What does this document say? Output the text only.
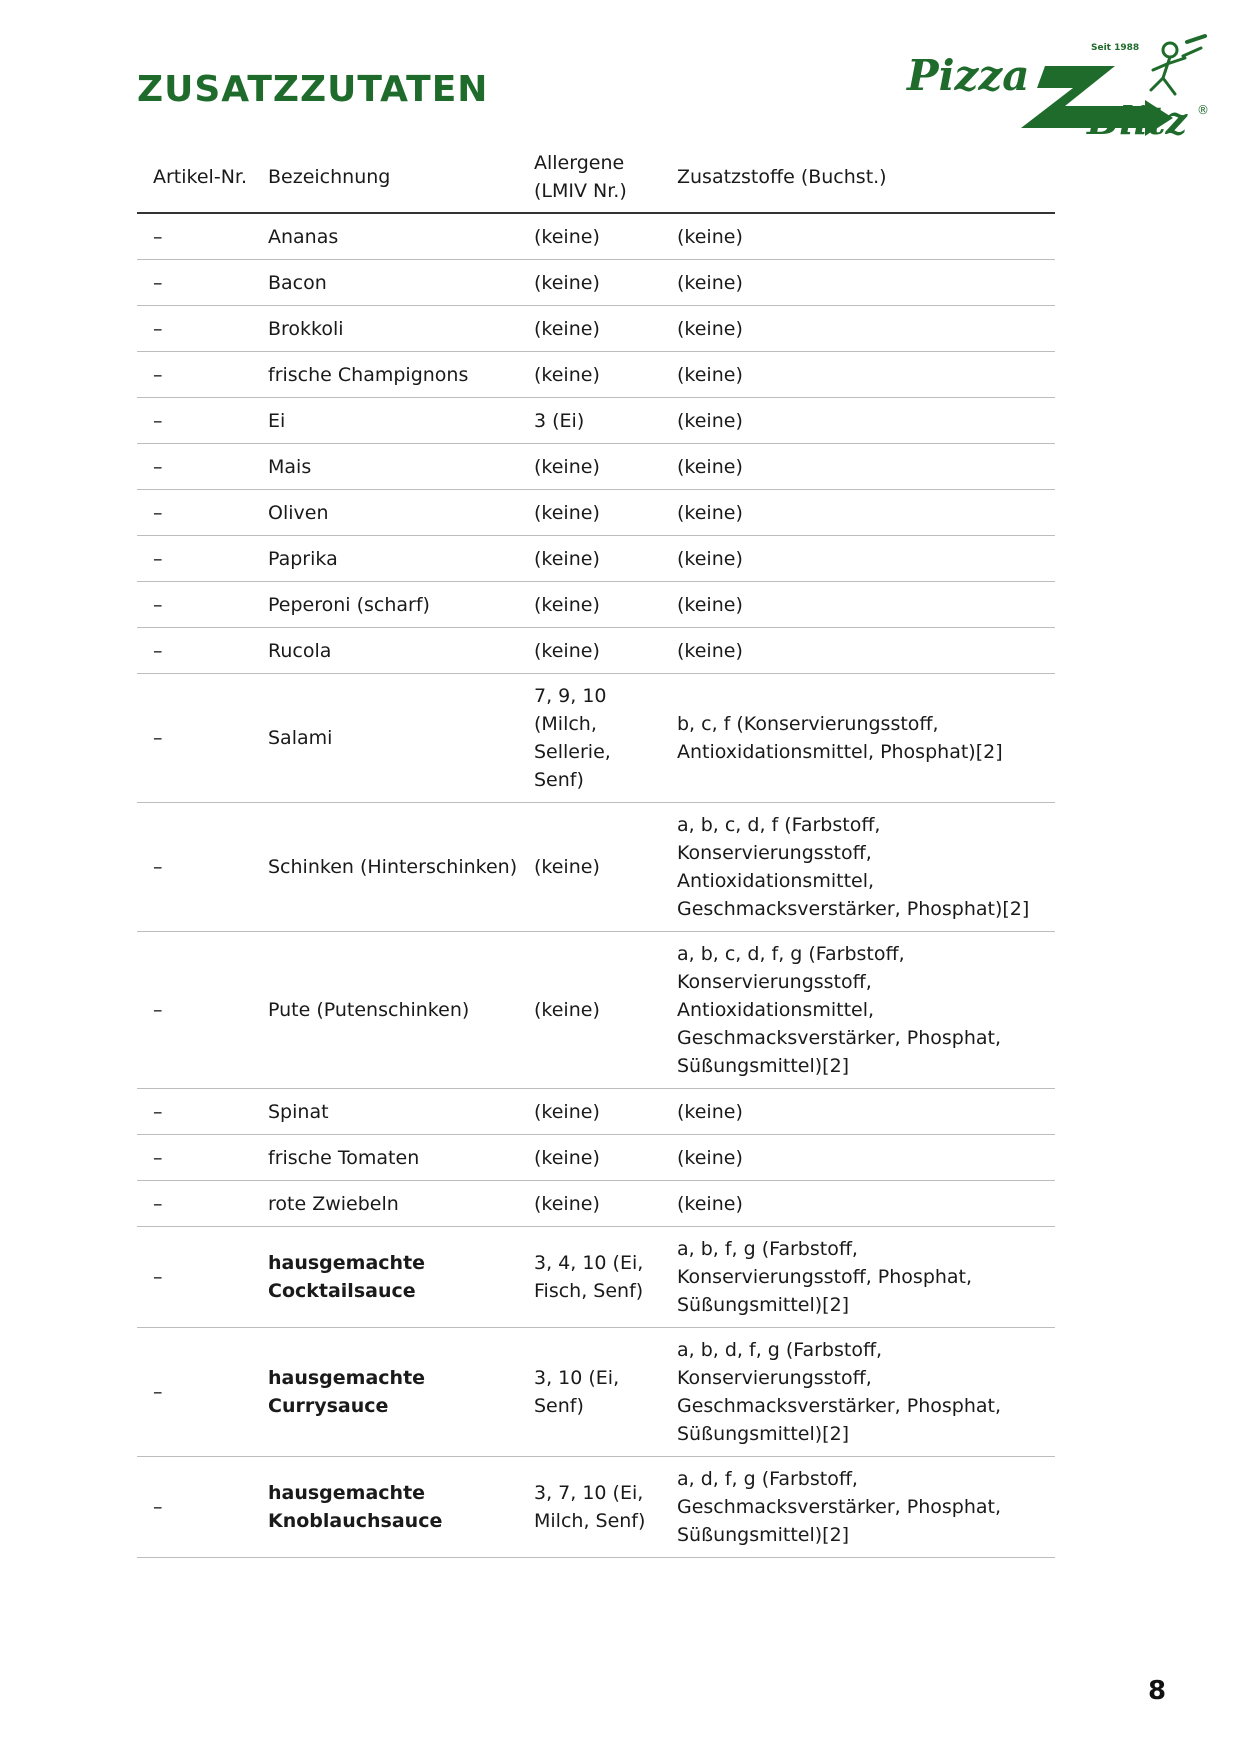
ZUSATZZUTATEN	Pizza
Blitz ®
Seit 1988
Artikel-Nr.	Bezeichnung	Allergene (LMIV Nr.)	Zusatzstoffe (Buchst.)
–	Ananas	(keine)	(keine)
–	Bacon	(keine)	(keine)
–	Brokkoli	(keine)	(keine)
–	frische Champignons	(keine)	(keine)
–	Ei	3 (Ei)	(keine)
–	Mais	(keine)	(keine)
–	Oliven	(keine)	(keine)
–	Paprika	(keine)	(keine)
–	Peperoni (scharf)	(keine)	(keine)
–	Rucola	(keine)	(keine)
–	Salami	7, 9, 10 (Milch, Sellerie, Senf)	b, c, f (Konservierungsstoff, Antioxidationsmittel, Phosphat)[2]
–	Schinken (Hinterschinken)	(keine)	a, b, c, d, f (Farbstoff, Konservierungsstoff, Antioxidationsmittel, Geschmacksverstärker, Phosphat)[2]
–	Pute (Putenschinken)	(keine)	a, b, c, d, f, g (Farbstoff, Konservierungsstoff, Antioxidationsmittel, Geschmacksverstärker, Phosphat, Süßungsmittel)[2]
–	Spinat	(keine)	(keine)
–	frische Tomaten	(keine)	(keine)
–	rote Zwiebeln	(keine)	(keine)
–	hausgemachte Cocktailsauce	3, 4, 10 (Ei, Fisch, Senf)	a, b, f, g (Farbstoff, Konservierungsstoff, Phosphat, Süßungsmittel)[2]
–	hausgemachte Currysauce	3, 10 (Ei, Senf)	a, b, d, f, g (Farbstoff, Konservierungsstoff, Geschmacksverstärker, Phosphat, Süßungsmittel)[2]
–	hausgemachte Knoblauchsauce	3, 7, 10 (Ei, Milch, Senf)	a, d, f, g (Farbstoff, Geschmacksverstärker, Phosphat, Süßungsmittel)[2]
8
